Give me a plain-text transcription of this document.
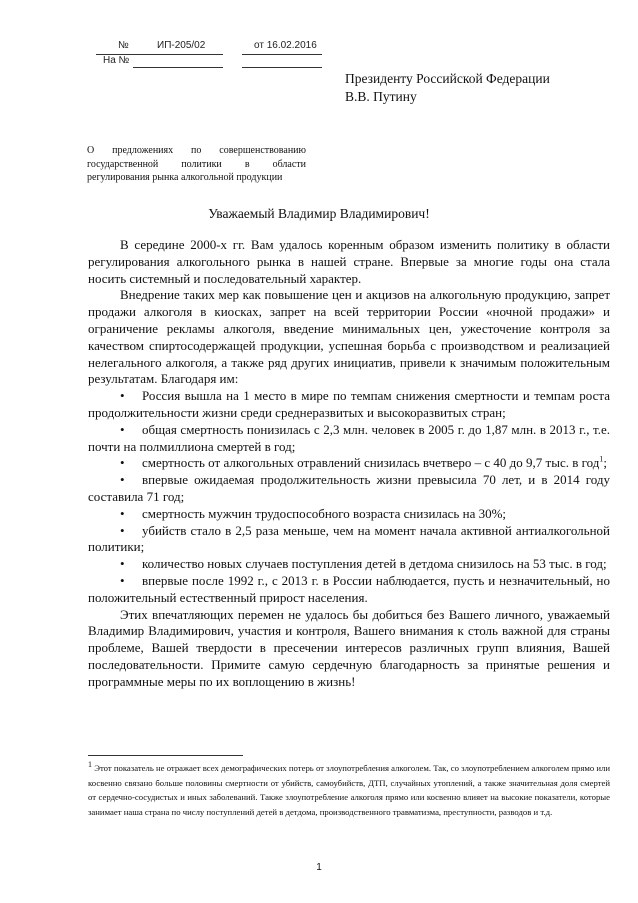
№	ИП-205/02	от 16.02.2016
На №
Президенту Российской Федерации
В.В. Путину
О предложениях по совершенствованию государственной политики в области регулирования рынка алкогольной продукции
Уважаемый Владимир Владимирович!

В середине 2000-х гг. Вам удалось коренным образом изменить политику в области регулирования алкогольного рынка в нашей стране. Впервые за многие годы она стала носить системный и последовательный характер.

Внедрение таких мер как повышение цен и акцизов на алкогольную продукцию, запрет продажи алкоголя в киосках, запрет на всей территории России «ночной продажи» и ограничение рекламы алкоголя, введение минимальных цен, ужесточение контроля за качеством спиртосодержащей продукции, успешная борьба с производством и реализацией нелегального алкоголя, а также ряд других инициатив, привели к значимым положительным результатам. Благодаря им:

• Россия вышла на 1 место в мире по темпам снижения смертности и темпам роста продолжительности жизни среди среднеразвитых и высокоразвитых стран;

• общая смертность понизилась с 2,3 млн. человек в 2005 г. до 1,87 млн. в 2013 г., т.е. почти на полмиллиона смертей в год;

• смертность от алкогольных отравлений снизилась вчетверо – с 40 до 9,7 тыс. в год$^1$;

• впервые ожидаемая продолжительность жизни превысила 70 лет, и в 2014 году составила 71 год;

• смертность мужчин трудоспособного возраста снизилась на 30%;

• убийств стало в 2,5 раза меньше, чем на момент начала активной антиалкогольной политики;

• количество новых случаев поступления детей в детдома снизилось на 53 тыс. в год;

• впервые после 1992 г., с 2013 г. в России наблюдается, пусть и незначительный, но положительный естественный прирост населения.

Этих впечатляющих перемен не удалось бы добиться без Вашего личного, уважаемый Владимир Владимирович, участия и контроля, Вашего внимания к столь важной для страны проблеме, Вашей твердости в пресечении интересов различных групп влияния, Вашей последовательности. Примите самую сердечную благодарность за принятые решения и программные меры по их воплощению в жизнь!

1 Этот показатель не отражает всех демографических потерь от злоупотребления алкоголем. Так, со злоупотреблением алкоголем прямо или косвенно связано больше половины смертности от убийств, самоубийств, ДТП, случайных утоплений, а также значительная доля смертей от сердечно-сосудистых и иных заболеваний. Также злоупотребление алкоголя прямо или косвенно влияет на высокие показатели, которые занимает наша страна по числу поступлений детей в детдома, производственного травматизма, преступности, разводов и т.д.
1
